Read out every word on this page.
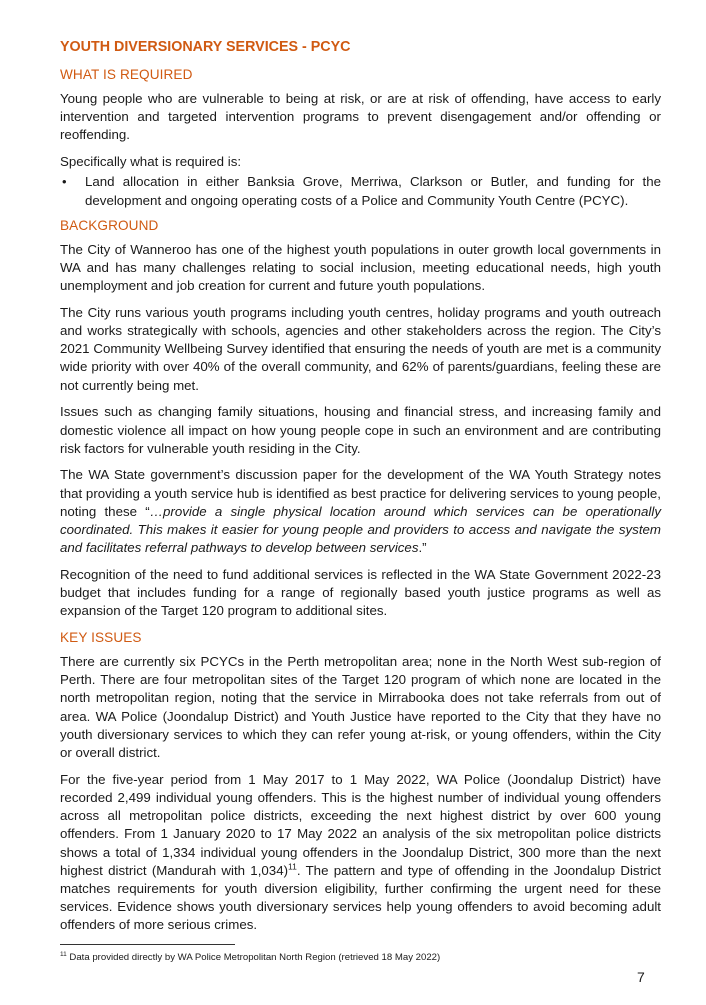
YOUTH DIVERSIONARY SERVICES - PCYC
WHAT IS REQUIRED

Young people who are vulnerable to being at risk, or are at risk of offending, have access to early intervention and targeted intervention programs to prevent disengagement and/or offending or reoffending.

Specifically what is required is:

• Land allocation in either Banksia Grove, Merriwa, Clarkson or Butler, and funding for the development and ongoing operating costs of a Police and Community Youth Centre (PCYC).
BACKGROUND

The City of Wanneroo has one of the highest youth populations in outer growth local governments in WA and has many challenges relating to social inclusion, meeting educational needs, high youth unemployment and job creation for current and future youth populations.

The City runs various youth programs including youth centres, holiday programs and youth outreach and works strategically with schools, agencies and other stakeholders across the region. The City’s 2021 Community Wellbeing Survey identified that ensuring the needs of youth are met is a community wide priority with over 40% of the overall community, and 62% of parents/guardians, feeling these are not currently being met.

Issues such as changing family situations, housing and financial stress, and increasing family and domestic violence all impact on how young people cope in such an environment and are contributing risk factors for vulnerable youth residing in the City.

The WA State government’s discussion paper for the development of the WA Youth Strategy notes that providing a youth service hub is identified as best practice for delivering services to young people, noting these “…provide a single physical location around which services can be operationally coordinated. This makes it easier for young people and providers to access and navigate the system and facilitates referral pathways to develop between services.”

Recognition of the need to fund additional services is reflected in the WA State Government 2022-23 budget that includes funding for a range of regionally based youth justice programs as well as expansion of the Target 120 program to additional sites.

KEY ISSUES

There are currently six PCYCs in the Perth metropolitan area; none in the North West sub-region of Perth. There are four metropolitan sites of the Target 120 program of which none are located in the north metropolitan region, noting that the service in Mirrabooka does not take referrals from out of area. WA Police (Joondalup District) and Youth Justice have reported to the City that they have no youth diversionary services to which they can refer young at-risk, or young offenders, within the City or overall district.

For the five-year period from 1 May 2017 to 1 May 2022, WA Police (Joondalup District) have recorded 2,499 individual young offenders. This is the highest number of individual young offenders across all metropolitan police districts, exceeding the next highest district by over 600 young offenders. From 1 January 2020 to 17 May 2022 an analysis of the six metropolitan police districts shows a total of 1,334 individual young offenders in the Joondalup District, 300 more than the next highest district (Mandurah with 1,034)$^{11}$. The pattern and type of offending in the Joondalup District matches requirements for youth diversion eligibility, further confirming the urgent need for these services. Evidence shows youth diversionary services help young offenders to avoid becoming adult offenders of more serious crimes.

$^{11}$ Data provided directly by WA Police Metropolitan North Region (retrieved 18 May 2022)
7
